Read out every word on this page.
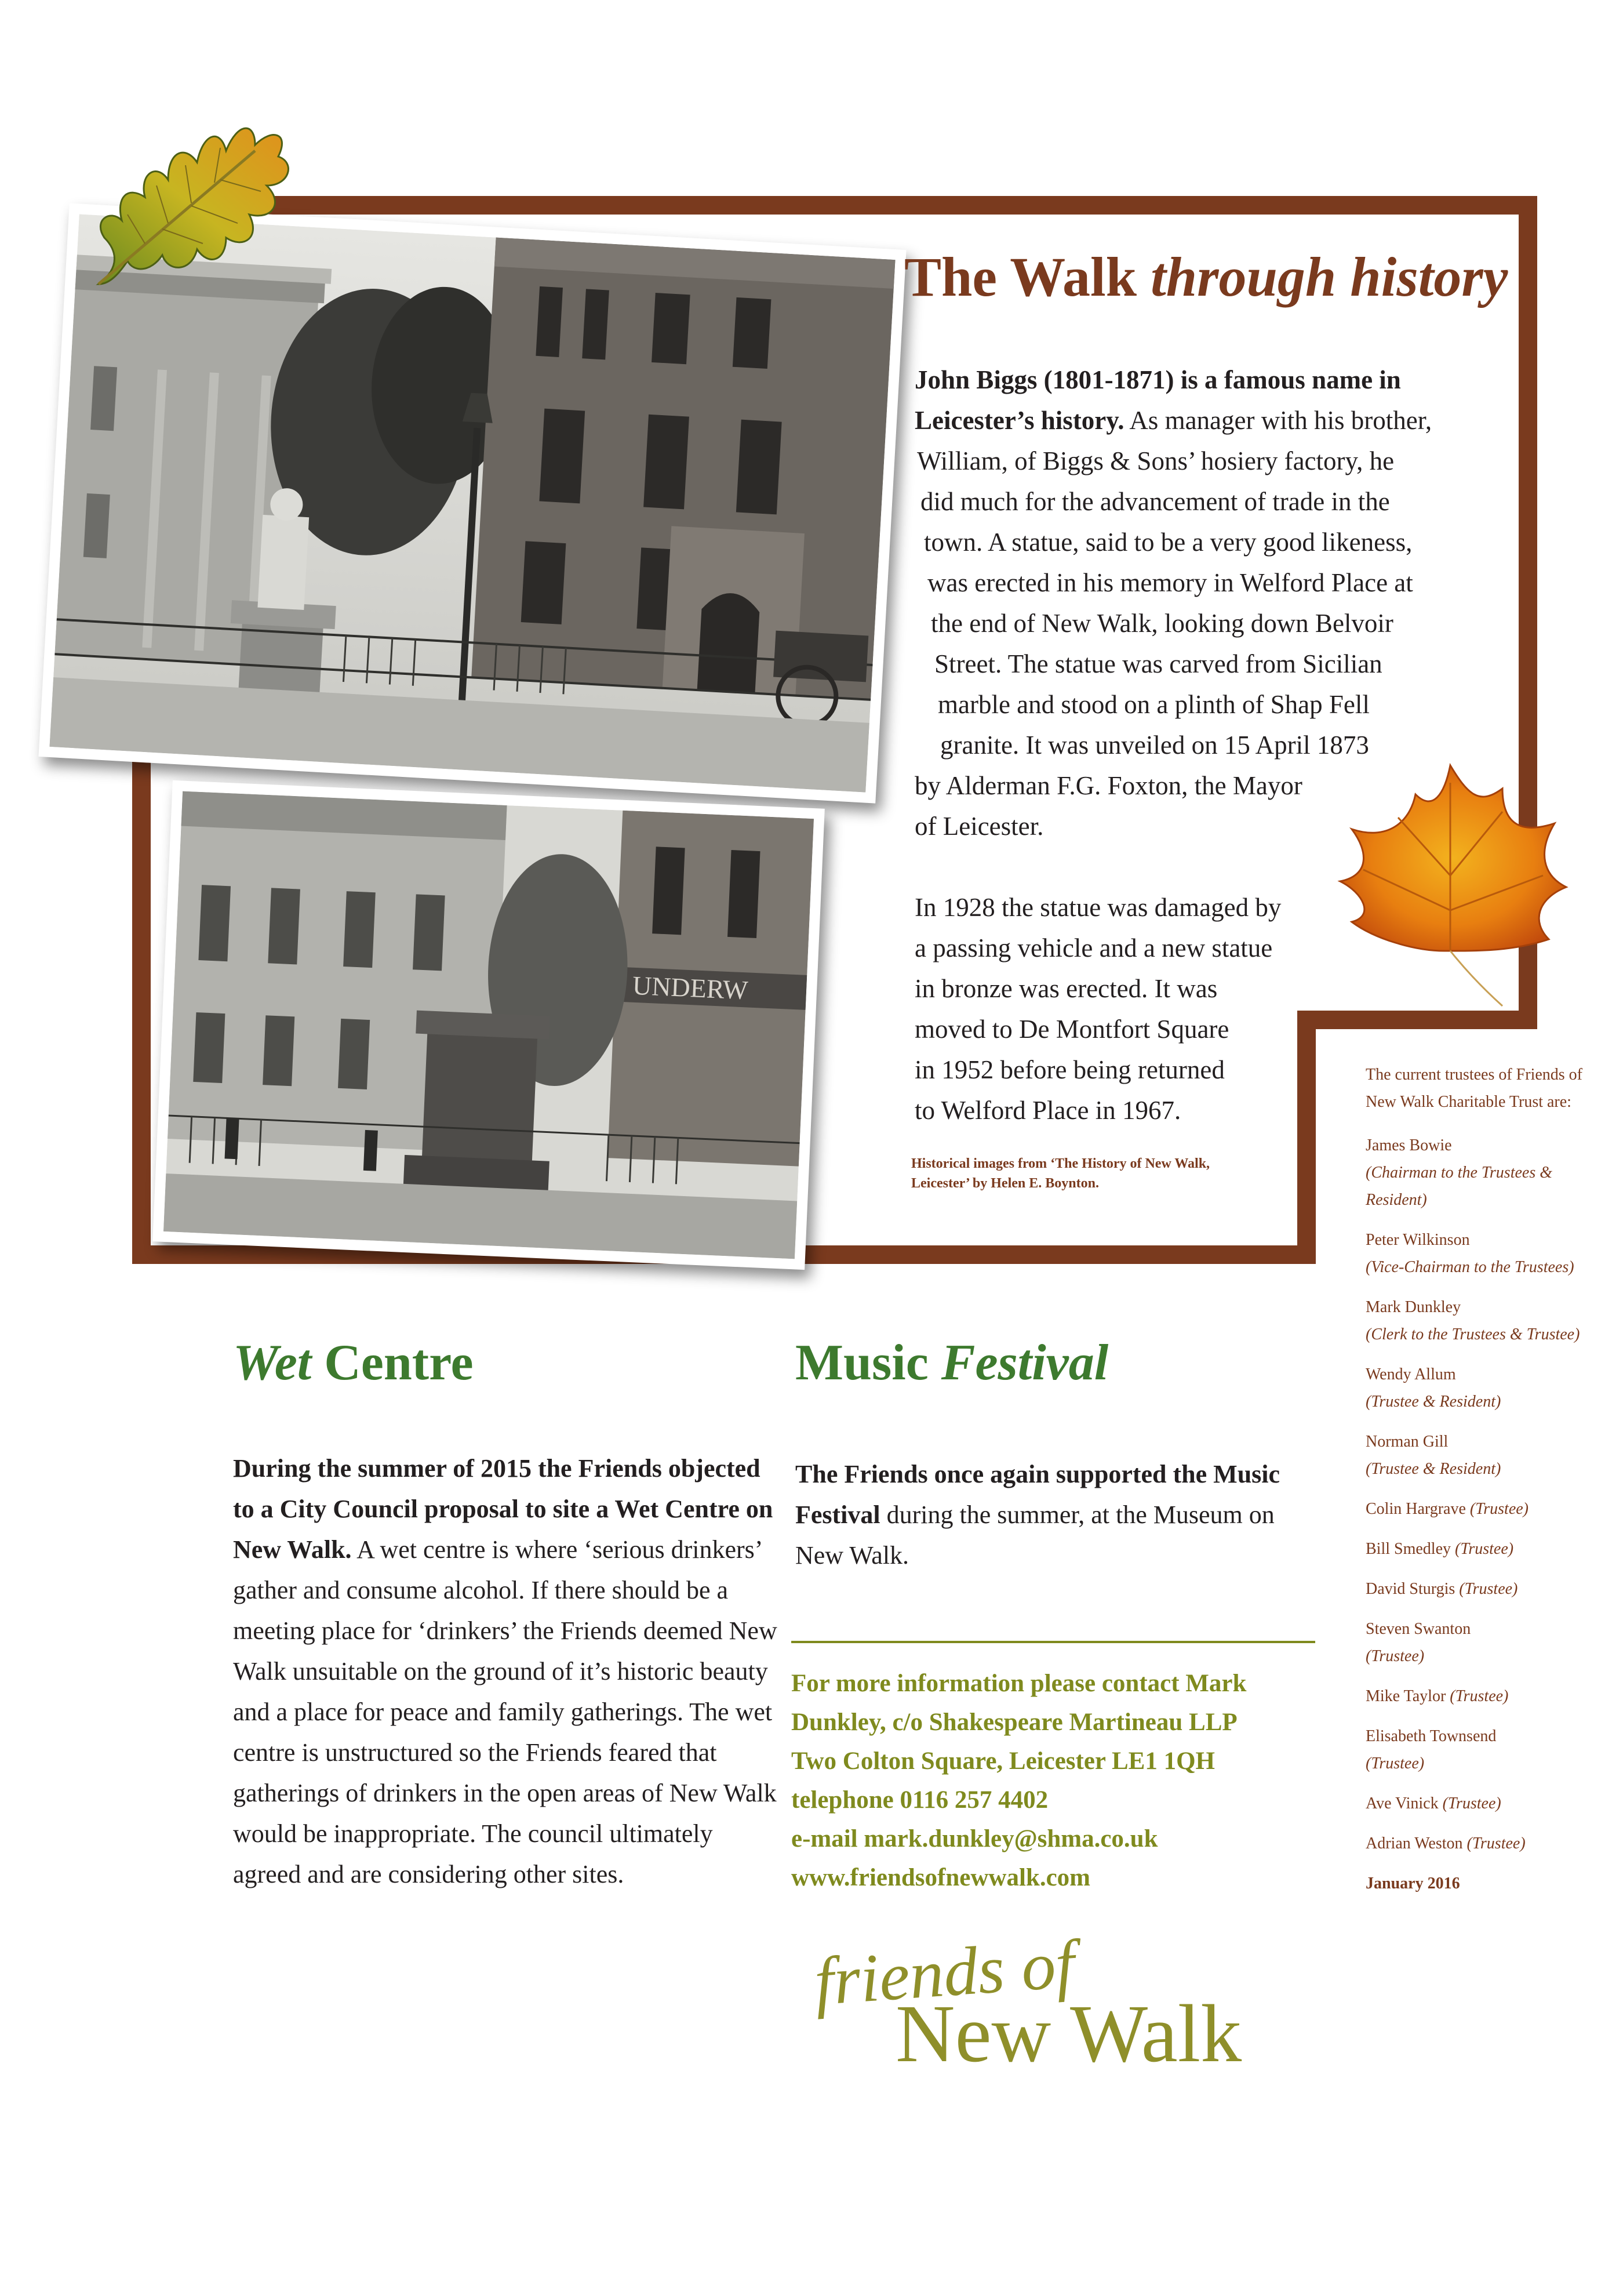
UNDERW
The Walk through history
John Biggs (1801-1871) is a famous name in
Leicester’s history. As manager with his brother,
William, of Biggs & Sons’ hosiery factory, he
did much for the advancement of trade in the
town. A statue, said to be a very good likeness,
was erected in his memory in Welford Place at
the end of New Walk, looking down Belvoir
Street. The statue was carved from Sicilian
marble and stood on a plinth of Shap Fell
granite. It was unveiled on 15 April 1873
by Alderman F.G. Foxton, the Mayor
of Leicester.
In 1928 the statue was damaged by
a passing vehicle and a new statue
in bronze was erected. It was
moved to De Montfort Square
in 1952 before being returned
to Welford Place in 1967.
Historical images from ‘The History of New Walk,
Leicester’ by Helen E. Boynton.
Wet Centre
During the summer of 2015 the Friends objected to a City Council proposal to site a Wet Centre on New Walk. A wet centre is where ‘serious drinkers’ gather and consume alcohol. If there should be a meeting place for ‘drinkers’ the Friends deemed New Walk unsuitable on the ground of it’s historic beauty and a place for peace and family gatherings. The wet centre is unstructured so the Friends feared that gatherings of drinkers in the open areas of New Walk would be inappropriate. The council ultimately agreed and are considering other sites.
Music Festival
The Friends once again supported the Music Festival during the summer, at the Museum on New Walk.
For more information please contact Mark
Dunkley, c/o Shakespeare Martineau LLP
Two Colton Square, Leicester LE1 1QH
telephone 0116 257 4402
e-mail mark.dunkley@shma.co.uk
www.friendsofnewwalk.com
friends of
New Walk
The current trustees of Friends of New Walk Charitable Trust are:
James Bowie
(Chairman to the Trustees & Resident)
Peter Wilkinson
(Vice-Chairman to the Trustees)
Mark Dunkley
(Clerk to the Trustees & Trustee)
Wendy Allum
(Trustee & Resident)
Norman Gill
(Trustee & Resident)
Colin Hargrave (Trustee)
Bill Smedley (Trustee)
David Sturgis (Trustee)
Steven Swanton
(Trustee)
Mike Taylor (Trustee)
Elisabeth Townsend
(Trustee)
Ave Vinick (Trustee)
Adrian Weston (Trustee)
January 2016
